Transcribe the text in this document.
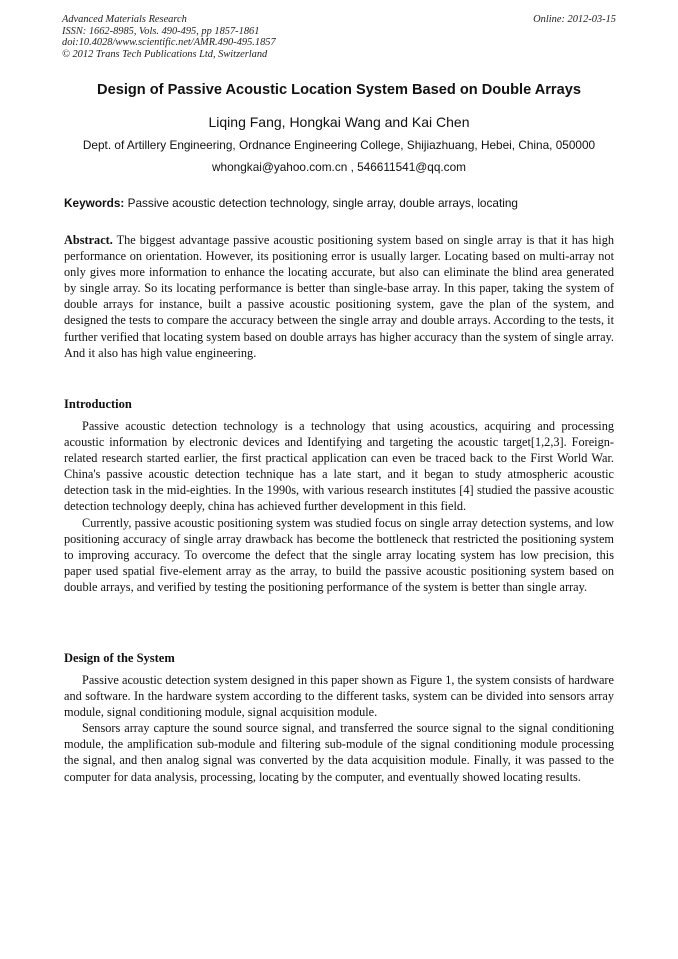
Advanced Materials Research
ISSN: 1662-8985, Vols. 490-495, pp 1857-1861
doi:10.4028/www.scientific.net/AMR.490-495.1857
© 2012 Trans Tech Publications Ltd, Switzerland
Online: 2012-03-15
Design of Passive Acoustic Location System Based on Double Arrays
Liqing Fang, Hongkai Wang and Kai Chen
Dept. of Artillery Engineering, Ordnance Engineering College, Shijiazhuang, Hebei, China, 050000
whongkai@yahoo.com.cn , 546611541@qq.com
Keywords: Passive acoustic detection technology, single array, double arrays, locating

Abstract. The biggest advantage passive acoustic positioning system based on single array is that it has high performance on orientation. However, its positioning error is usually larger. Locating based on multi-array not only gives more information to enhance the locating accurate, but also can eliminate the blind area generated by single array. So its locating performance is better than single-base array. In this paper, taking the system of double arrays for instance, built a passive acoustic positioning system, gave the plan of the system, and designed the tests to compare the accuracy between the single array and double arrays. According to the tests, it further verified that locating system based on double arrays has higher accuracy than the system of single array. And it also has high value engineering.

Introduction

Passive acoustic detection technology is a technology that using acoustics, acquiring and processing acoustic information by electronic devices and Identifying and targeting the acoustic target[1,2,3]. Foreign-related research started earlier, the first practical application can even be traced back to the First World War. China's passive acoustic detection technique has a late start, and it began to study atmospheric acoustic detection task in the mid-eighties. In the 1990s, with various research institutes [4] studied the passive acoustic detection technology deeply, china has achieved further development in this field.

Currently, passive acoustic positioning system was studied focus on single array detection systems, and low positioning accuracy of single array drawback has become the bottleneck that restricted the positioning system to improving accuracy. To overcome the defect that the single array locating system has low precision, this paper used spatial five-element array as the array, to build the passive acoustic positioning system based on double arrays, and verified by testing the positioning performance of the system is better than single array.

Design of the System

Passive acoustic detection system designed in this paper shown as Figure 1, the system consists of hardware and software. In the hardware system according to the different tasks, system can be divided into sensors array module, signal conditioning module, signal acquisition module.

Sensors array capture the sound source signal, and transferred the source signal to the signal conditioning module, the amplification sub-module and filtering sub-module of the signal conditioning module processing the signal, and then analog signal was converted by the data acquisition module. Finally, it was passed to the computer for data analysis, processing, locating by the computer, and eventually showed locating results.
